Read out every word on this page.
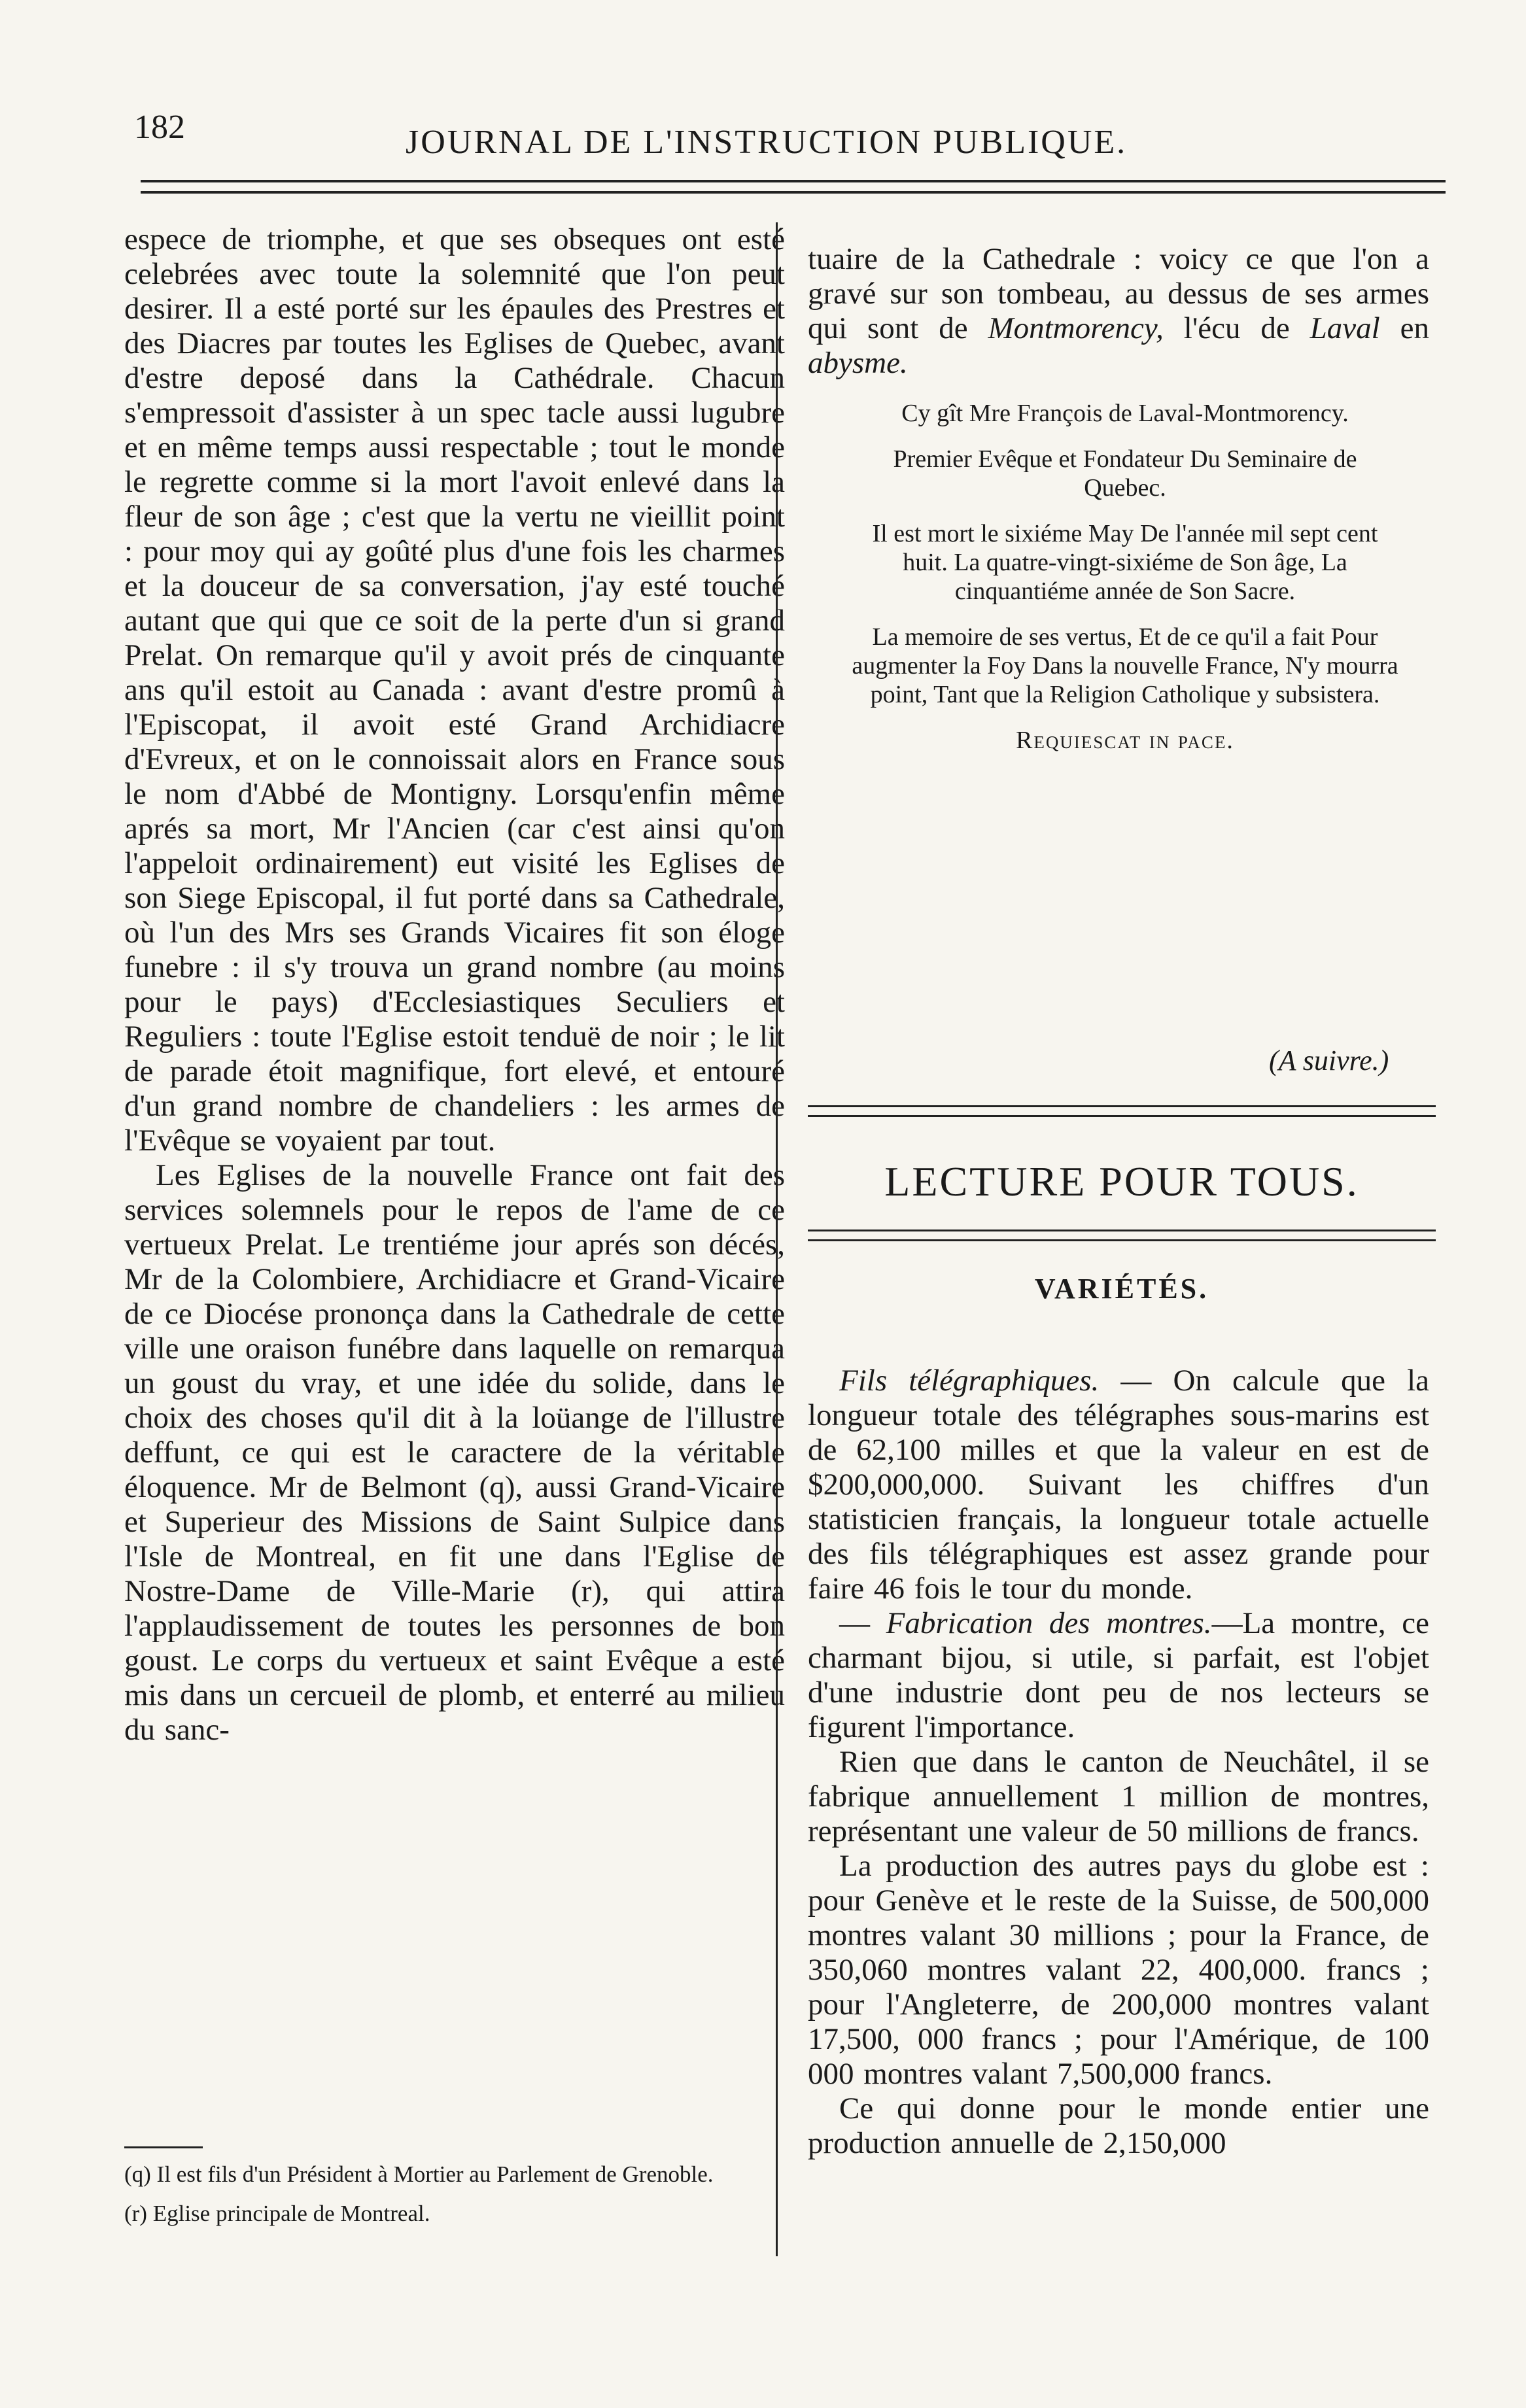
182	JOURNAL DE L'INSTRUCTION PUBLIQUE.

espece de triomphe, et que ses obseques ont esté celebrées avec toute la solemnité que l'on peut desirer. Il a esté porté sur les épaules des Prestres et des Diacres par toutes les Eglises de Quebec, avant d'estre deposé dans la Cathédrale. Chacun s'empressoit d'assister à un spec tacle aussi lugubre et en même temps aussi respectable ; tout le monde le regrette comme si la mort l'avoit enlevé dans la fleur de son âge ; c'est que la vertu ne vieillit point : pour moy qui ay goûté plus d'une fois les charmes et la douceur de sa conversation, j'ay esté touché autant que qui que ce soit de la perte d'un si grand Prelat. On remarque qu'il y avoit prés de cinquante ans qu'il estoit au Canada : avant d'estre promû à l'Episcopat, il avoit esté Grand Archidiacre d'Evreux, et on le connoissait alors en France sous le nom d'Abbé de Montigny. Lorsqu'enfin même aprés sa mort, Mr l'Ancien (car c'est ainsi qu'on l'appeloit ordinairement) eut visité les Eglises de son Siege Episcopal, il fut porté dans sa Cathedrale, où l'un des Mrs ses Grands Vicaires fit son éloge funebre : il s'y trouva un grand nombre (au moins pour le pays) d'Ecclesiastiques Seculiers et Reguliers : toute l'Eglise estoit tenduë de noir ; le lit de parade étoit magnifique, fort elevé, et entouré d'un grand nombre de chandeliers : les armes de l'Evêque se voyaient par tout.

Les Eglises de la nouvelle France ont fait des services solemnels pour le repos de l'ame de ce vertueux Prelat. Le trentiéme jour aprés son décés, Mr de la Colombiere, Archidiacre et Grand-Vicaire de ce Diocése prononça dans la Cathedrale de cette ville une oraison funébre dans laquelle on remarqua un goust du vray, et une idée du solide, dans le choix des choses qu'il dit à la loüange de l'illustre deffunt, ce qui est le caractere de la véritable éloquence. Mr de Belmont (q), aussi Grand-Vicaire et Superieur des Missions de Saint Sulpice dans l'Isle de Montreal, en fit une dans l'Eglise de Nostre-Dame de Ville-Marie (r), qui attira l'applaudissement de toutes les personnes de bon goust. Le corps du vertueux et saint Evêque a esté mis dans un cercueil de plomb, et enterré au milieu du sanc-

(q) Il est fils d'un Président à Mortier au Parlement de Grenoble.

(r) Eglise principale de Montreal.

tuaire de la Cathedrale : voicy ce que l'on a gravé sur son tombeau, au dessus de ses armes qui sont de Montmorency, l'écu de Laval en abysme.

Cy gît Mre François de Laval-Montmorency.

Premier Evêque et Fondateur Du Seminaire de Quebec.

Il est mort le sixiéme May De l'année mil sept cent huit. La quatre-vingt-sixiéme de Son âge, La cinquantiéme année de Son Sacre.

La memoire de ses vertus, Et de ce qu'il a fait Pour augmenter la Foy Dans la nouvelle France, N'y mourra point, Tant que la Religion Catholique y subsistera.

Requiescat in pace.

(A suivre.)
LECTURE POUR TOUS.
VARIÉTÉS.

Fils télégraphiques. — On calcule que la longueur totale des télégraphes sous-marins est de 62,100 milles et que la valeur en est de $200,000,000. Suivant les chiffres d'un statisticien français, la longueur totale actuelle des fils télégraphiques est assez grande pour faire 46 fois le tour du monde.

— Fabrication des montres.—La montre, ce charmant bijou, si utile, si parfait, est l'objet d'une industrie dont peu de nos lecteurs se figurent l'importance.

Rien que dans le canton de Neuchâtel, il se fabrique annuellement 1 million de montres, représentant une valeur de 50 millions de francs.

La production des autres pays du globe est : pour Genève et le reste de la Suisse, de 500,000 montres valant 30 millions ; pour la France, de 350,060 montres valant 22, 400,000. francs ; pour l'Angleterre, de 200,000 montres valant 17,500, 000 francs ; pour l'Amérique, de 100 000 montres valant 7,500,000 francs.

Ce qui donne pour le monde entier une production annuelle de 2,150,000
